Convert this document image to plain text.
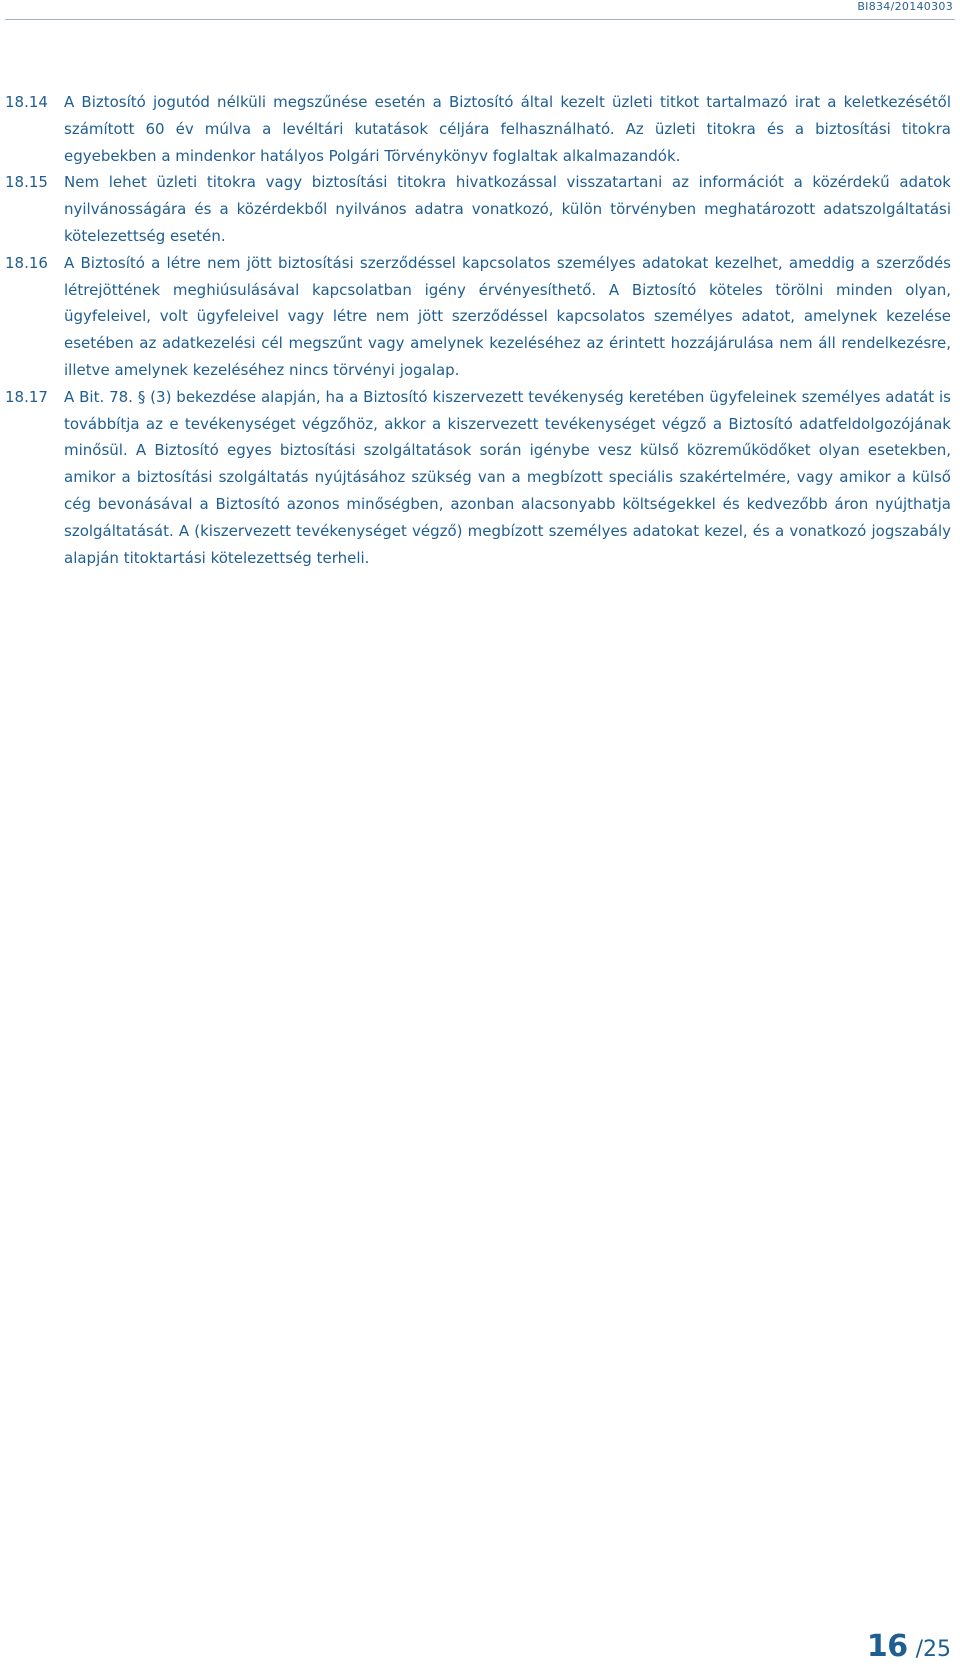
BI834/20140303
18.14	A Biztosító jogutód nélküli megszűnése esetén a Biztosító által kezelt üzleti titkot tartalmazó irat a keletkezésétől számított 60 év múlva a levéltári kutatások céljára felhasználható. Az üzleti titokra és a biztosítási titokra egyebekben a mindenkor hatályos Polgári Törvénykönyv foglaltak alkalmazandók.
18.15	Nem lehet üzleti titokra vagy biztosítási titokra hivatkozással visszatartani az információt a közérdekű adatok nyilvánosságára és a közérdekből nyilvános adatra vonatkozó, külön törvényben meghatározott adatszolgáltatási kötelezettség esetén.
18.16	A Biztosító a létre nem jött biztosítási szerződéssel kapcsolatos személyes adatokat kezelhet, ameddig a szerződés létrejöttének meghiúsulásával kapcsolatban igény érvényesíthető. A Biztosító köteles törölni minden olyan, ügyfeleivel, volt ügyfeleivel vagy létre nem jött szerződéssel kapcsolatos személyes adatot, amelynek kezelése esetében az adatkezelési cél megszűnt vagy amelynek kezeléséhez az érintett hozzájárulása nem áll rendelkezésre, illetve amelynek kezeléséhez nincs törvényi jogalap.
18.17	A Bit. 78. § (3) bekezdése alapján, ha a Biztosító kiszervezett tevékenység keretében ügyfeleinek személyes adatát is továbbítja az e tevékenységet végzőhöz, akkor a kiszervezett tevékenységet végző a Biztosító adatfeldolgozójának minősül. A Biztosító egyes biztosítási szolgáltatások során igénybe vesz külső közreműködőket olyan esetekben, amikor a biztosítási szolgáltatás nyújtásához szükség van a megbízott speciális szakértelmére, vagy amikor a külső cég bevonásával a Biztosító azonos minőségben, azonban alacsonyabb költségekkel és kedvezőbb áron nyújthatja szolgáltatását. A (kiszervezett tevékenységet végző) megbízott személyes adatokat kezel, és a vonatkozó jogszabály alapján titoktartási kötelezettség terheli.
16 /25
